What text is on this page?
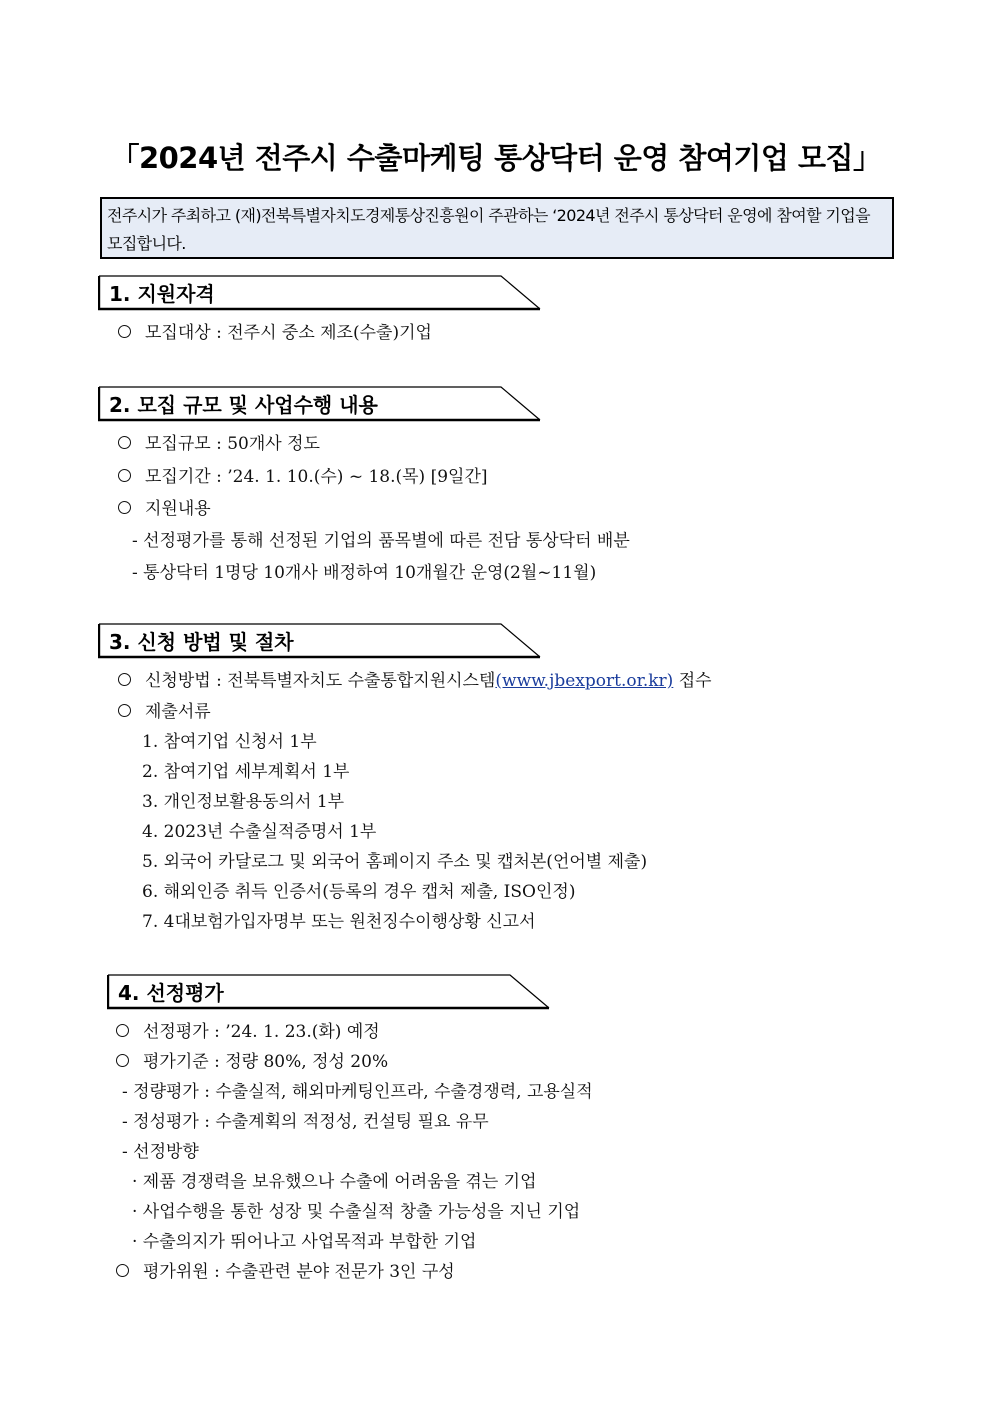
「2024년 전주시 수출마케팅 통상닥터 운영 참여기업 모집」
전주시가 주최하고 (재)전북특별자치도경제통상진흥원이 주관하는 ‘2024년 전주시 통상닥터 운영에 참여할 기업을 모집합니다.
1. 지원자격
모집대상 : 전주시 중소 제조(수출)기업
2. 모집 규모 및 사업수행 내용
모집규모 : 50개사 정도
모집기간 : ’24. 1. 10.(수) ~ 18.(목) [9일간]
지원내용
- 선정평가를 통해 선정된 기업의 품목별에 따른 전담 통상닥터 배분
- 통상닥터 1명당 10개사 배정하여 10개월간 운영(2월~11월)
3. 신청 방법 및 절차
신청방법 : 전북특별자치도 수출통합지원시스템(www.jbexport.or.kr) 접수
제출서류
1. 참여기업 신청서 1부
2. 참여기업 세부계획서 1부
3. 개인정보활용동의서 1부
4. 2023년 수출실적증명서 1부
5. 외국어 카달로그 및 외국어 홈페이지 주소 및 캡처본(언어별 제출)
6. 해외인증 취득 인증서(등록의 경우 캡처 제출, ISO인정)
7. 4대보험가입자명부 또는 원천징수이행상황 신고서
4. 선정평가
선정평가 : ’24. 1. 23.(화) 예정
평가기준 : 정량 80%, 정성 20%
- 정량평가 : 수출실적, 해외마케팅인프라, 수출경쟁력, 고용실적
- 정성평가 : 수출계획의 적정성, 컨설팅 필요 유무
- 선정방향
· 제품 경쟁력을 보유했으나 수출에 어려움을 겪는 기업
· 사업수행을 통한 성장 및 수출실적 창출 가능성을 지닌 기업
· 수출의지가 뛰어나고 사업목적과 부합한 기업
평가위원 : 수출관련 분야 전문가 3인 구성
